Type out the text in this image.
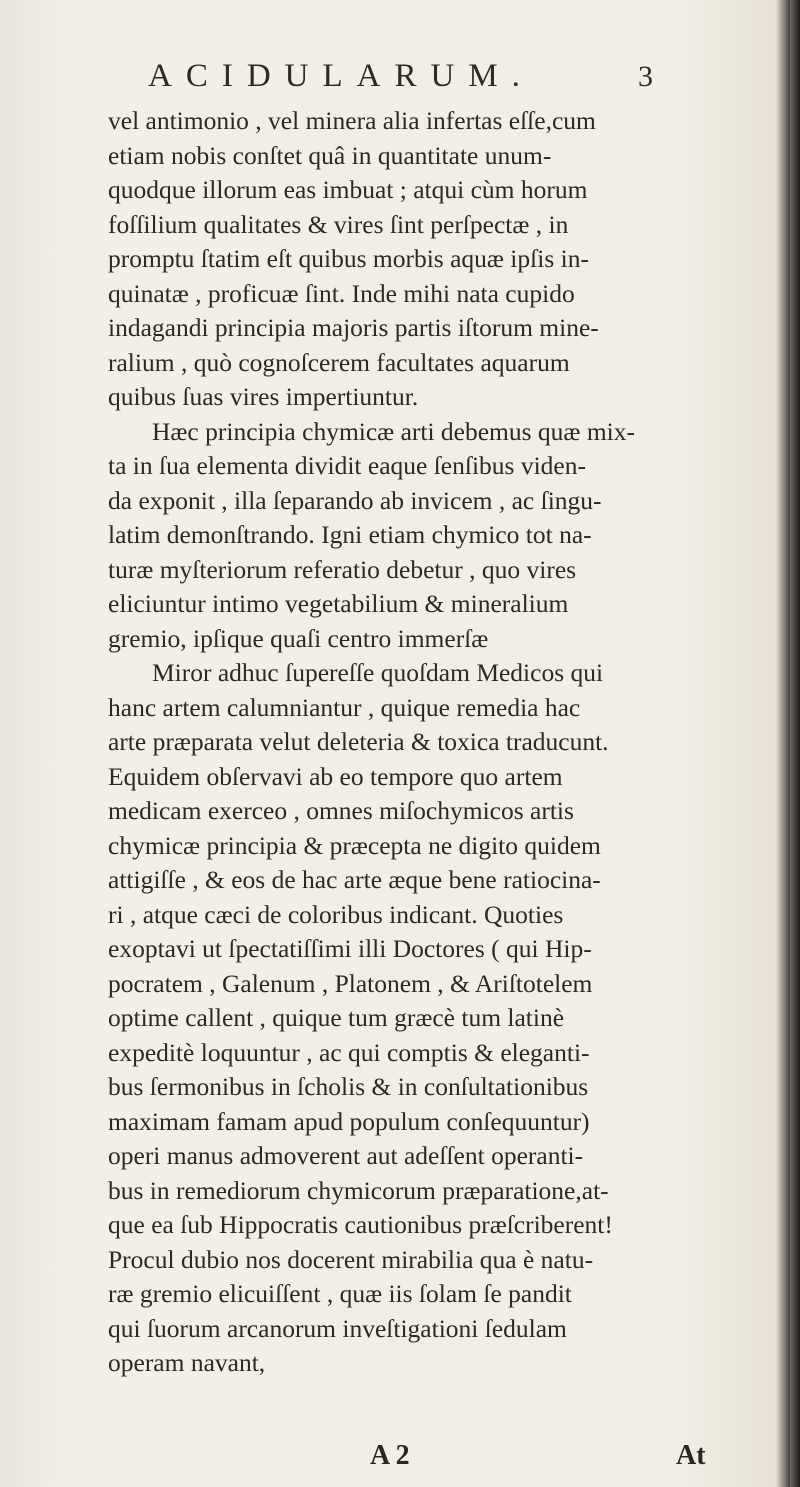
ACIDULARUM.	3
vel antimonio , vel minera alia infertas eſſe,cum
etiam nobis conſtet quâ in quantitate unum-
quodque illorum eas imbuat ; atqui cùm horum
foſſilium qualitates & vires ſint perſpectæ , in
promptu ſtatim eſt quibus morbis aquæ ipſis in-
quinatæ , proficuæ ſint. Inde mihi nata cupido
indagandi principia majoris partis iſtorum mine-
ralium , quò cognoſcerem facultates aquarum
quibus ſuas vires impertiuntur.
Hæc principia chymicæ arti debemus quæ mix-
ta in ſua elementa dividit eaque ſenſibus viden-
da exponit , illa ſeparando ab invicem , ac ſingu-
latim demonſtrando. Igni etiam chymico tot na-
turæ myſteriorum referatio debetur , quo vires
eliciuntur intimo vegetabilium & mineralium
gremio, ipſique quaſi centro immerſæ
Miror adhuc ſupereſſe quoſdam Medicos qui
hanc artem calumniantur , quique remedia hac
arte præparata velut deleteria & toxica traducunt.
Equidem obſervavi ab eo tempore quo artem
medicam exerceo , omnes miſochymicos artis
chymicæ principia & præcepta ne digito quidem
attigiſſe , & eos de hac arte æque bene ratiocina-
ri , atque cæci de coloribus indicant. Quoties
exoptavi ut ſpectatiſſimi illi Doctores ( qui Hip-
pocratem , Galenum , Platonem , & Ariſtotelem
optime callent , quique tum græcè tum latinè
expeditè loquuntur , ac qui comptis & eleganti-
bus ſermonibus in ſcholis & in conſultationibus
maximam famam apud populum conſequuntur)
operi manus admoverent aut adeſſent operanti-
bus in remediorum chymicorum præparatione,at-
que ea ſub Hippocratis cautionibus præſcriberent!
Procul dubio nos docerent mirabilia qua è natu-
ræ gremio elicuiſſent , quæ iis ſolam ſe pandit
qui ſuorum arcanorum inveſtigationi ſedulam
operam navant,
A 2	At
